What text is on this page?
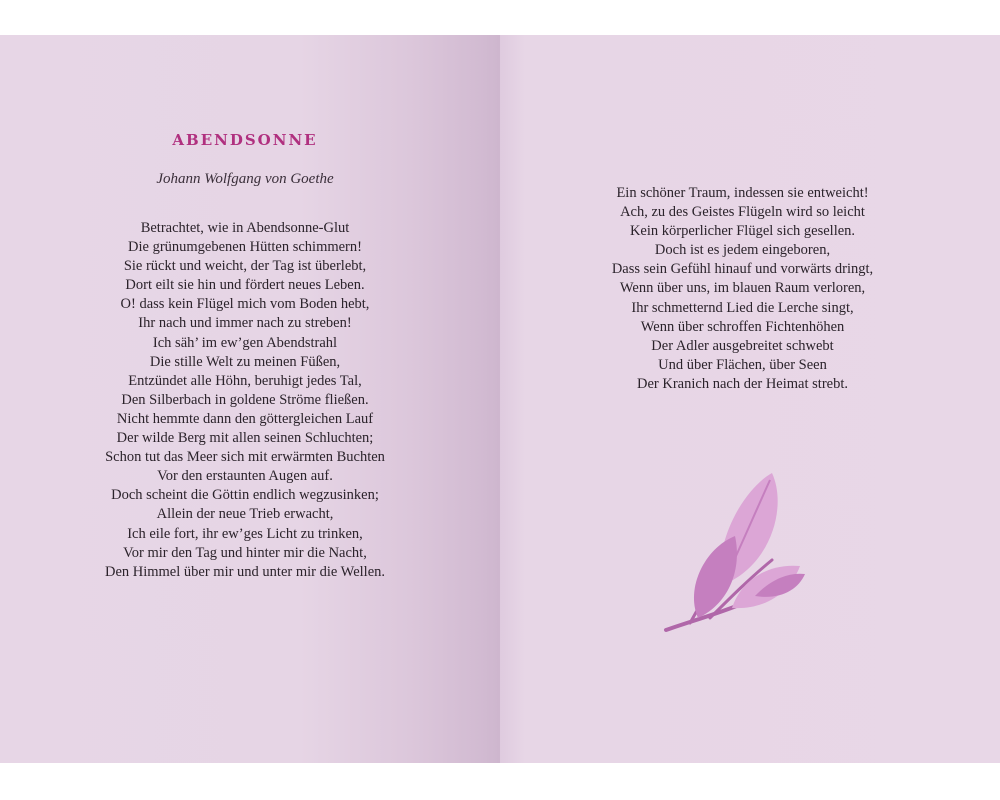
ABENDSONNE
Johann Wolfgang von Goethe
Betrachtet, wie in Abendsonne-Glut
Die grünumgebenen Hütten schimmern!
Sie rückt und weicht, der Tag ist überlebt,
Dort eilt sie hin und fördert neues Leben.
O! dass kein Flügel mich vom Boden hebt,
Ihr nach und immer nach zu streben!
Ich säh’ im ew’gen Abendstrahl
Die stille Welt zu meinen Füßen,
Entzündet alle Höhn, beruhigt jedes Tal,
Den Silberbach in goldene Ströme fließen.
Nicht hemmte dann den göttergleichen Lauf
Der wilde Berg mit allen seinen Schluchten;
Schon tut das Meer sich mit erwärmten Buchten
Vor den erstaunten Augen auf.
Doch scheint die Göttin endlich wegzusinken;
Allein der neue Trieb erwacht,
Ich eile fort, ihr ew’ges Licht zu trinken,
Vor mir den Tag und hinter mir die Nacht,
Den Himmel über mir und unter mir die Wellen.
Ein schöner Traum, indessen sie entweicht!
Ach, zu des Geistes Flügeln wird so leicht
Kein körperlicher Flügel sich gesellen.
Doch ist es jedem eingeboren,
Dass sein Gefühl hinauf und vorwärts dringt,
Wenn über uns, im blauen Raum verloren,
Ihr schmetternd Lied die Lerche singt,
Wenn über schroffen Fichtenhöhen
Der Adler ausgebreitet schwebt
Und über Flächen, über Seen
Der Kranich nach der Heimat strebt.
